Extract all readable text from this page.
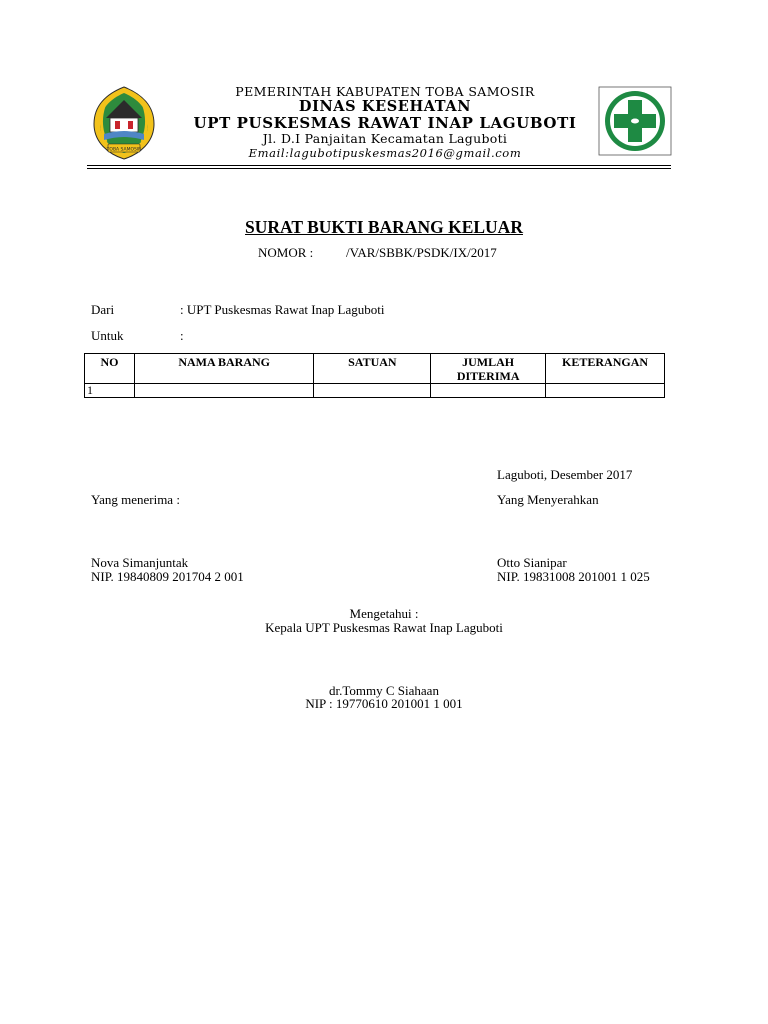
TOBA SAMOSIR
PEMERINTAH KABUPATEN TOBA SAMOSIR
DINAS KESEHATAN
UPT PUSKESMAS RAWAT INAP LAGUBOTI
Jl. D.I Panjaitan Kecamatan Laguboti
Email:lagubotipuskesmas2016@gmail.com
SURAT BUKTI BARANG KELUAR
NOMOR :	/VAR/SBBK/PSDK/IX/2017
Dari	: UPT Puskesmas Rawat Inap Laguboti
Untuk	:
NO	NAMA BARANG	SATUAN	JUMLAH DITERIMA	KETERANGAN
1				
Laguboti, Desember 2017
Yang menerima :	Yang Menyerahkan
Nova Simanjuntak
NIP. 19840809 201704 2 001
Otto Sianipar
NIP. 19831008 201001 1 025
Mengetahui :
Kepala UPT Puskesmas Rawat Inap Laguboti
dr.Tommy C Siahaan
NIP : 19770610 201001 1 001
